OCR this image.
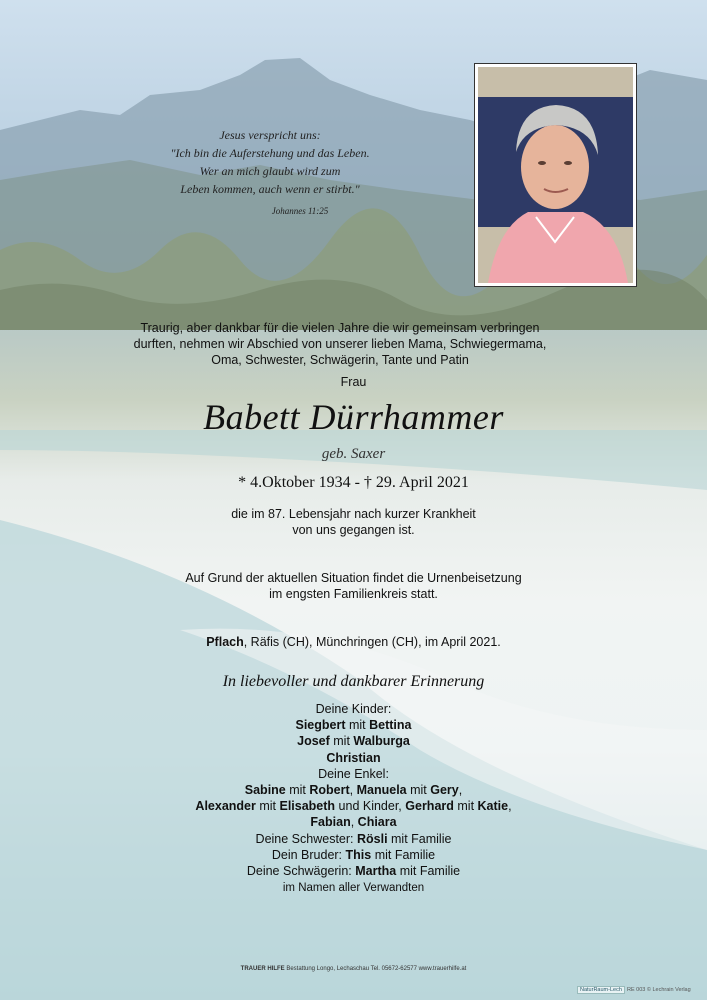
Jesus verspricht uns:
"Ich bin die Auferstehung und das Leben.
Wer an mich glaubt wird zum
Leben kommen, auch wenn er stirbt."
Johannes 11:25
Traurig, aber dankbar für die vielen Jahre die wir gemeinsam verbringen
durften, nehmen wir Abschied von unserer lieben Mama, Schwiegermama,
Oma, Schwester, Schwägerin, Tante und Patin
Frau
Babett Dürrhammer
geb. Saxer
* 4.Oktober 1934 - † 29. April 2021
die im 87. Lebensjahr nach kurzer Krankheit
von uns gegangen ist.
Auf Grund der aktuellen Situation findet die Urnenbeisetzung
im engsten Familienkreis statt.
Pflach, Räfis (CH), Münchringen (CH), im April 2021.
In liebevoller und dankbarer Erinnerung
Deine Kinder:
Siegbert mit Bettina
Josef mit Walburga
Christian
Deine Enkel:
Sabine mit Robert, Manuela mit Gery,
Alexander mit Elisabeth und Kinder, Gerhard mit Katie,
Fabian, Chiara
Deine Schwester: Rösli mit Familie
Dein Bruder: This mit Familie
Deine Schwägerin: Martha mit Familie
im Namen aller Verwandten
TRAUER HILFE Bestattung Longo, Lechaschau Tel. 05672-62577 www.trauerhilfe.at
NaturRaum-Lech RE 003 © Lechrain Verlag
